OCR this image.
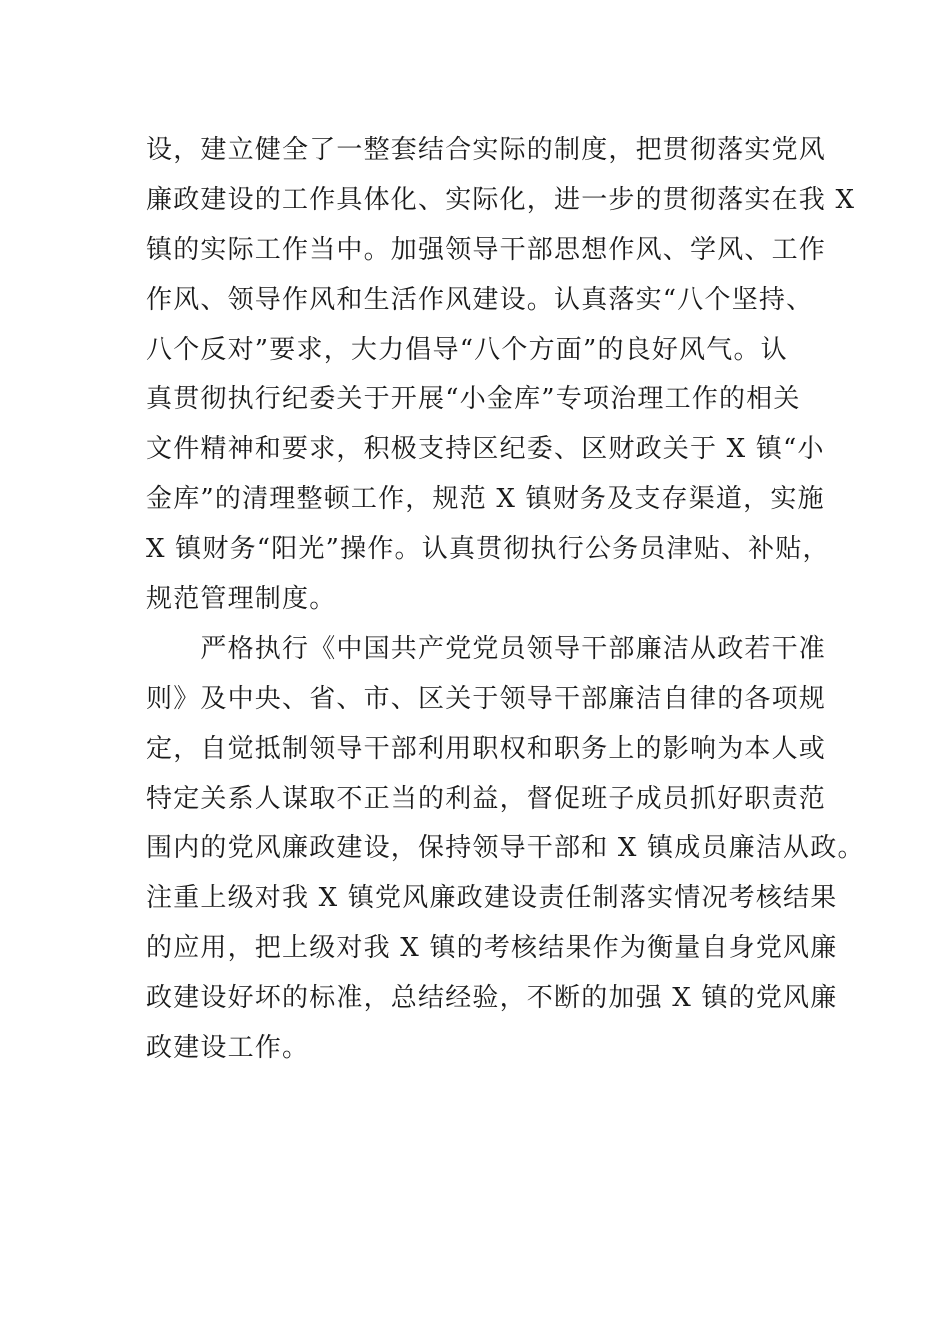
设，建立健全了一整套结合实际的制度，把贯彻落实党风
廉政建设的工作具体化、实际化，进一步的贯彻落实在我 X
镇的实际工作当中。加强领导干部思想作风、学风、工作
作风、领导作风和生活作风建设。认真落实“八个坚持、
八个反对”要求，大力倡导“八个方面”的良好风气。认
真贯彻执行纪委关于开展“小金库”专项治理工作的相关
文件精神和要求，积极支持区纪委、区财政关于 X 镇“小
金库”的清理整顿工作，规范 X 镇财务及支存渠道，实施
X 镇财务“阳光”操作。认真贯彻执行公务员津贴、补贴，
规范管理制度。
　　严格执行《中国共产党党员领导干部廉洁从政若干准
则》及中央、省、市、区关于领导干部廉洁自律的各项规
定，自觉抵制领导干部利用职权和职务上的影响为本人或
特定关系人谋取不正当的利益，督促班子成员抓好职责范
围内的党风廉政建设，保持领导干部和 X 镇成员廉洁从政。
注重上级对我 X 镇党风廉政建设责任制落实情况考核结果
的应用，把上级对我 X 镇的考核结果作为衡量自身党风廉
政建设好坏的标准，总结经验，不断的加强 X 镇的党风廉
政建设工作。
